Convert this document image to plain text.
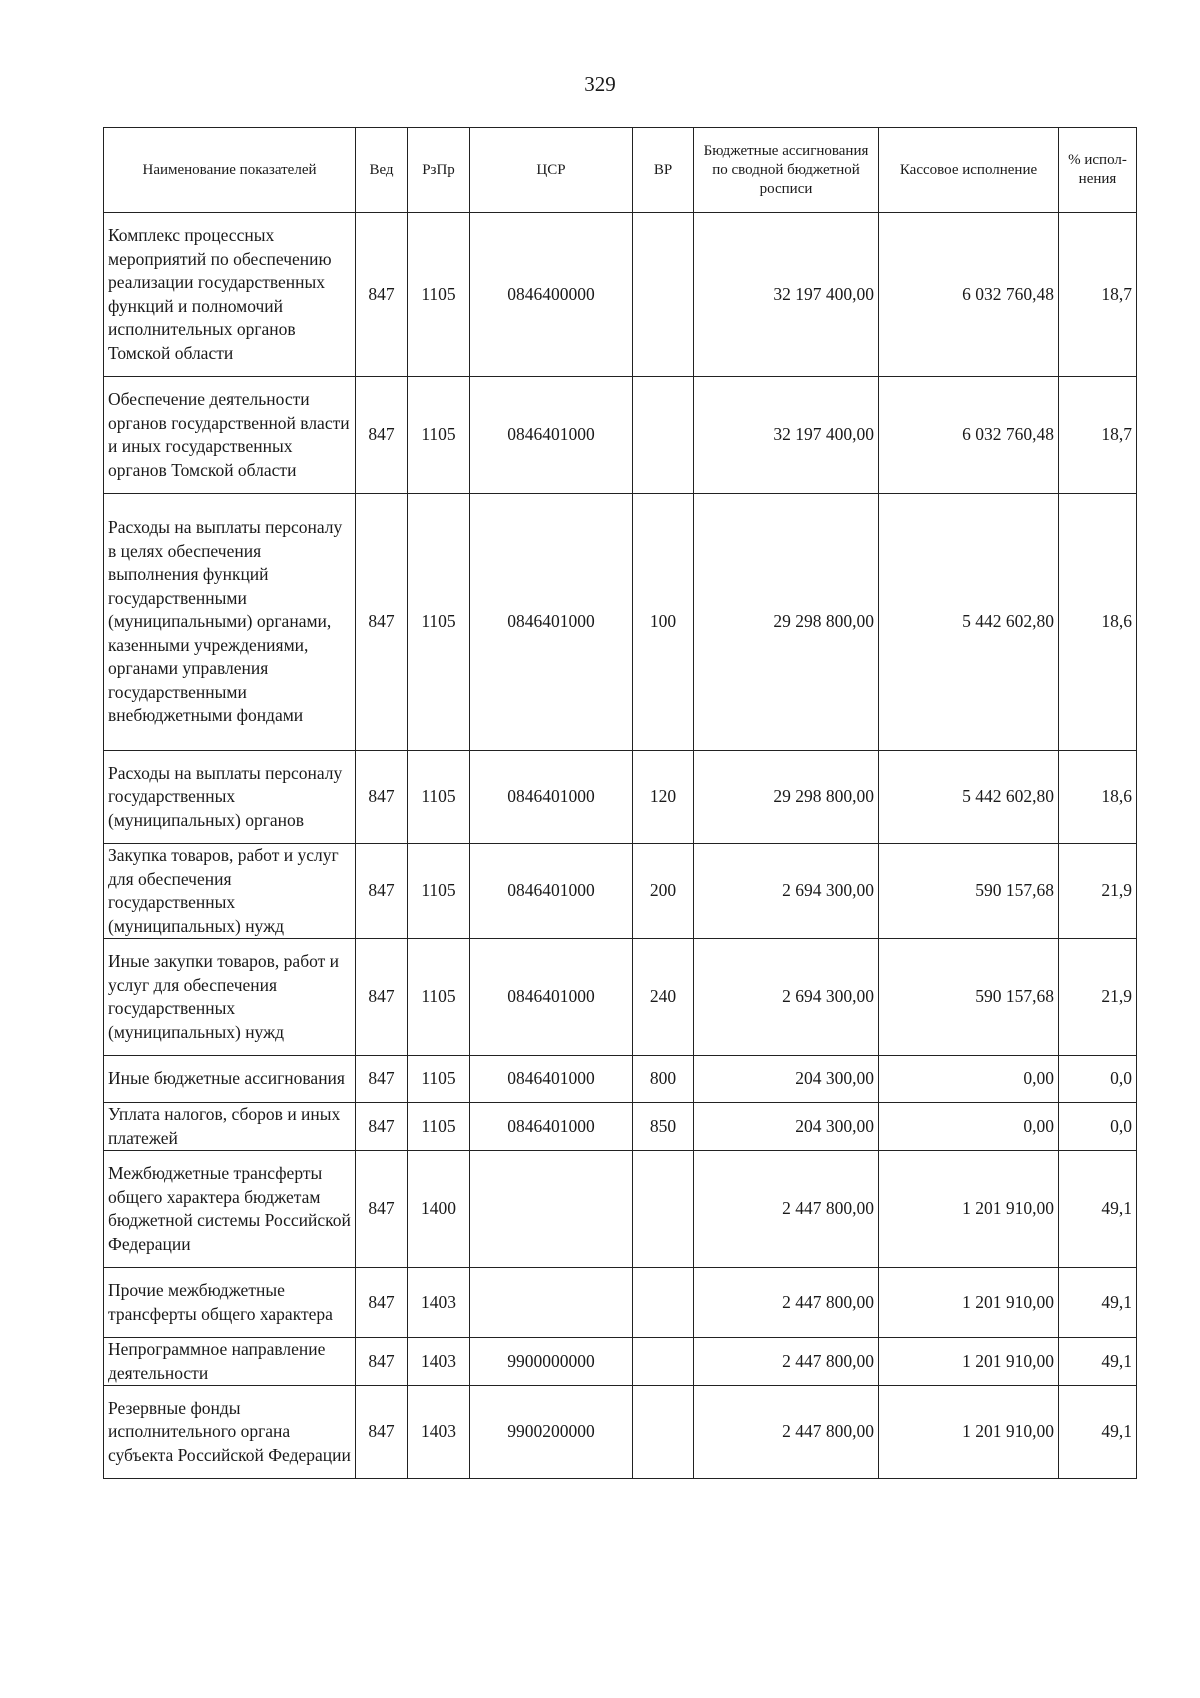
329
Наименование показателей	Вед	РзПр	ЦСР	ВР	Бюджетные ассигнования по сводной бюджетной росписи	Кассовое исполнение	% испол-нения
Комплекс процессных мероприятий по обеспечению реализации государственных функций и полномочий исполнительных органов Томской области	847	1105	0846400000		32 197 400,00	6 032 760,48	18,7
Обеспечение деятельности органов государственной власти и иных государственных органов Томской области	847	1105	0846401000		32 197 400,00	6 032 760,48	18,7
Расходы на выплаты персоналу в целях обеспечения выполнения функций государственными (муниципальными) органами, казенными учреждениями, органами управления государственными внебюджетными фондами	847	1105	0846401000	100	29 298 800,00	5 442 602,80	18,6
Расходы на выплаты персоналу государственных (муниципальных) органов	847	1105	0846401000	120	29 298 800,00	5 442 602,80	18,6
Закупка товаров, работ и услуг для обеспечения государственных (муниципальных) нужд	847	1105	0846401000	200	2 694 300,00	590 157,68	21,9
Иные закупки товаров, работ и услуг для обеспечения государственных (муниципальных) нужд	847	1105	0846401000	240	2 694 300,00	590 157,68	21,9
Иные бюджетные ассигнования	847	1105	0846401000	800	204 300,00	0,00	0,0
Уплата налогов, сборов и иных платежей	847	1105	0846401000	850	204 300,00	0,00	0,0
Межбюджетные трансферты общего характера бюджетам бюджетной системы Российской Федерации	847	1400			2 447 800,00	1 201 910,00	49,1
Прочие межбюджетные трансферты общего характера	847	1403			2 447 800,00	1 201 910,00	49,1
Непрограммное направление деятельности	847	1403	9900000000		2 447 800,00	1 201 910,00	49,1
Резервные фонды исполнительного органа субъекта Российской Федерации	847	1403	9900200000		2 447 800,00	1 201 910,00	49,1
